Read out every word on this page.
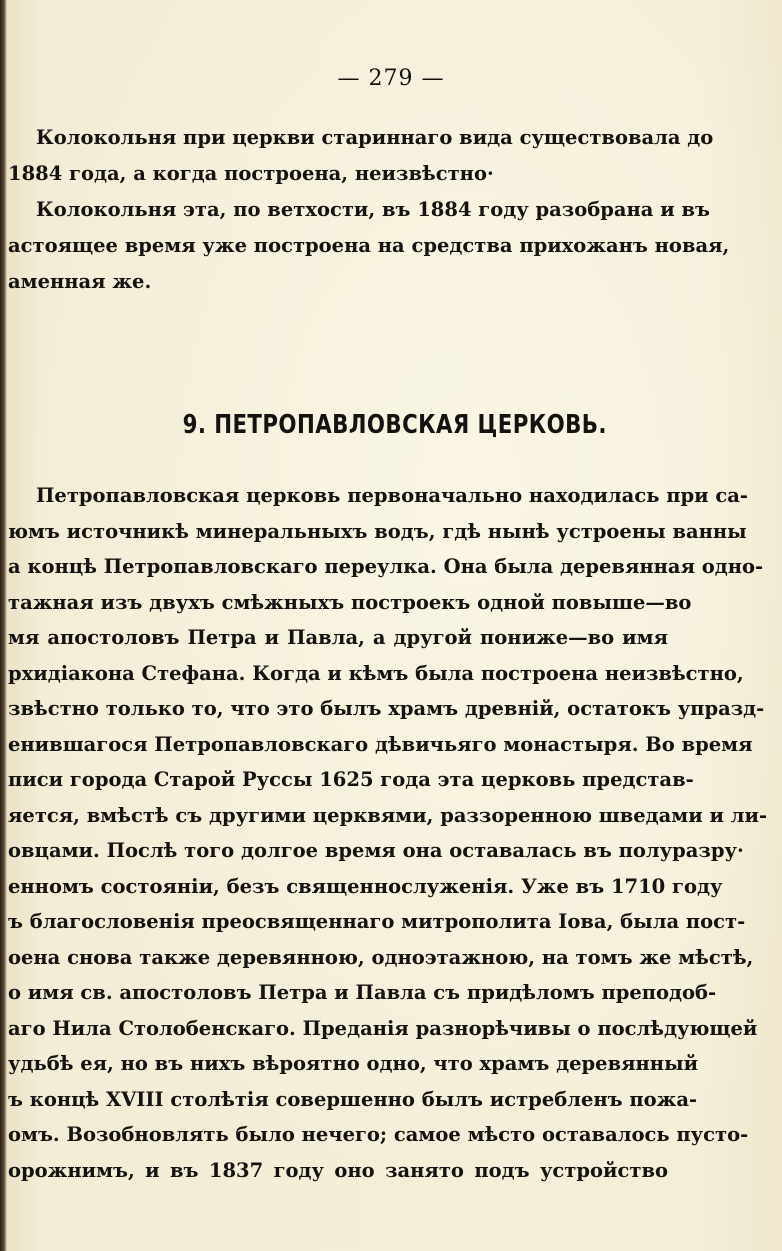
— 279 —
Колокольня при церкви стариннаго вида существовала до
1884 года, а когда построена, неизвѣстно·
Колокольня эта, по ветхости, въ 1884 году разобрана и въ
астоящее время уже построена на средства прихожанъ новая,
аменная же.
9. ПЕТРОПАВЛОВСКАЯ ЦЕРКОВЬ.
Петропавловская церковь первоначально находилась при са-
юмъ источникѣ минеральныхъ водъ, гдѣ нынѣ устроены ванны
а концѣ Петропавловскаго переулка. Она была деревянная одно-
тажная изъ двухъ смѣжныхъ построекъ одной повыше—во
мя апостоловъ Петра и Павла, а другой пониже—во имя
рхидіакона Стефана. Когда и кѣмъ была построена неизвѣстно,
звѣстно только то, что это былъ храмъ древній, остатокъ упразд-
енившагося Петропавловскаго дѣвичьяго монастыря. Во время
писи города Старой Руссы 1625 года эта церковь представ-
яется, вмѣстѣ съ другими церквями, раззоренною шведами и ли-
овцами. Послѣ того долгое время она оставалась въ полуразру·
енномъ состояніи, безъ священнослуженія. Уже въ 1710 году
ъ благословенія преосвященнаго митрополита Іова, была пост-
оена снова также деревянною, одноэтажною, на томъ же мѣстѣ,
о имя св. апостоловъ Петра и Павла съ придѣломъ преподоб-
аго Нила Столобенскаго. Преданія разнорѣчивы о послѣдующей
удьбѣ ея, но въ нихъ вѣроятно одно, что храмъ деревянный
ъ концѣ XVIII столѣтія совершенно былъ истребленъ пожа-
омъ. Возобновлять было нечего; самое мѣсто оставалось пусто-
орожнимъ, и въ 1837 году оно занято подъ устройство
